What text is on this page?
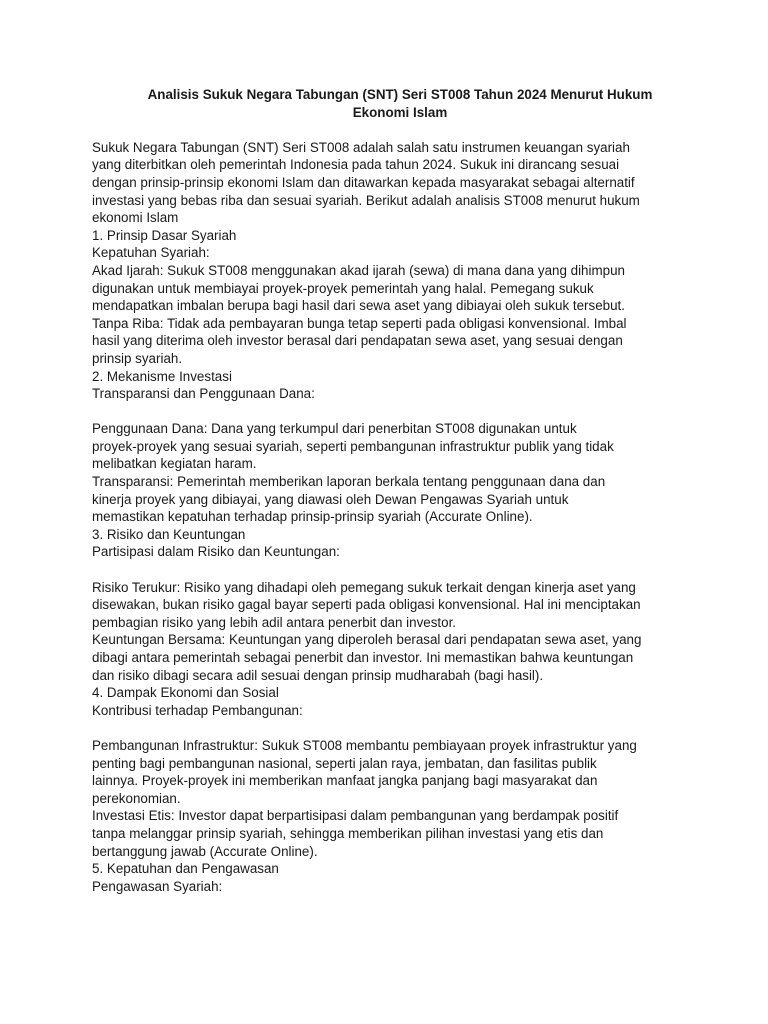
Analisis Sukuk Negara Tabungan (SNT) Seri ST008 Tahun 2024 Menurut Hukum
Ekonomi Islam
Sukuk Negara Tabungan (SNT) Seri ST008 adalah salah satu instrumen keuangan syariah
yang diterbitkan oleh pemerintah Indonesia pada tahun 2024. Sukuk ini dirancang sesuai
dengan prinsip-prinsip ekonomi Islam dan ditawarkan kepada masyarakat sebagai alternatif
investasi yang bebas riba dan sesuai syariah. Berikut adalah analisis ST008 menurut hukum
ekonomi Islam
1. Prinsip Dasar Syariah
Kepatuhan Syariah:
Akad Ijarah: Sukuk ST008 menggunakan akad ijarah (sewa) di mana dana yang dihimpun
digunakan untuk membiayai proyek-proyek pemerintah yang halal. Pemegang sukuk
mendapatkan imbalan berupa bagi hasil dari sewa aset yang dibiayai oleh sukuk tersebut.
Tanpa Riba: Tidak ada pembayaran bunga tetap seperti pada obligasi konvensional. Imbal
hasil yang diterima oleh investor berasal dari pendapatan sewa aset, yang sesuai dengan
prinsip syariah.
2. Mekanisme Investasi
Transparansi dan Penggunaan Dana:
Penggunaan Dana: Dana yang terkumpul dari penerbitan ST008 digunakan untuk
proyek-proyek yang sesuai syariah, seperti pembangunan infrastruktur publik yang tidak
melibatkan kegiatan haram.
Transparansi: Pemerintah memberikan laporan berkala tentang penggunaan dana dan
kinerja proyek yang dibiayai, yang diawasi oleh Dewan Pengawas Syariah untuk
memastikan kepatuhan terhadap prinsip-prinsip syariah (Accurate Online).
3. Risiko dan Keuntungan
Partisipasi dalam Risiko dan Keuntungan:
Risiko Terukur: Risiko yang dihadapi oleh pemegang sukuk terkait dengan kinerja aset yang
disewakan, bukan risiko gagal bayar seperti pada obligasi konvensional. Hal ini menciptakan
pembagian risiko yang lebih adil antara penerbit dan investor.
Keuntungan Bersama: Keuntungan yang diperoleh berasal dari pendapatan sewa aset, yang
dibagi antara pemerintah sebagai penerbit dan investor. Ini memastikan bahwa keuntungan
dan risiko dibagi secara adil sesuai dengan prinsip mudharabah (bagi hasil).
4. Dampak Ekonomi dan Sosial
Kontribusi terhadap Pembangunan:
Pembangunan Infrastruktur: Sukuk ST008 membantu pembiayaan proyek infrastruktur yang
penting bagi pembangunan nasional, seperti jalan raya, jembatan, dan fasilitas publik
lainnya. Proyek-proyek ini memberikan manfaat jangka panjang bagi masyarakat dan
perekonomian.
Investasi Etis: Investor dapat berpartisipasi dalam pembangunan yang berdampak positif
tanpa melanggar prinsip syariah, sehingga memberikan pilihan investasi yang etis dan
bertanggung jawab (Accurate Online).
5. Kepatuhan dan Pengawasan
Pengawasan Syariah:
